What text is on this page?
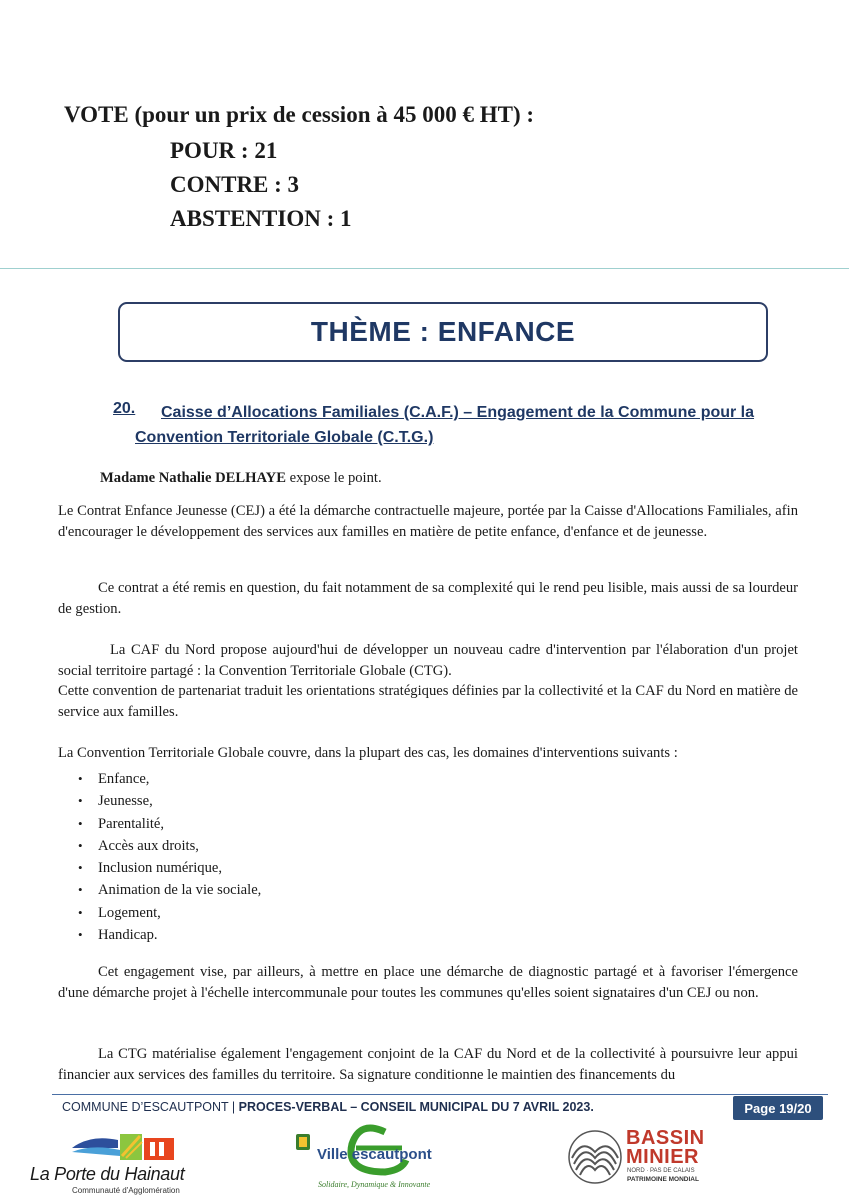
VOTE (pour un prix de cession à 45 000 € HT) :
POUR : 21
CONTRE : 3
ABSTENTION : 1
THÈME : ENFANCE
20.	Caisse d’Allocations Familiales (C.A.F.) – Engagement de la Commune pour la Convention Territoriale Globale (C.T.G.)
Madame Nathalie DELHAYE expose le point.
Le Contrat Enfance Jeunesse (CEJ) a été la démarche contractuelle majeure, portée par la Caisse d'Allocations Familiales, afin d'encourager le développement des services aux familles en matière de petite enfance, d'enfance et de jeunesse.
Ce contrat a été remis en question, du fait notamment de sa complexité qui le rend peu lisible, mais aussi de sa lourdeur de gestion.
La CAF du Nord propose aujourd'hui de développer un nouveau cadre d'intervention par l'élaboration d'un projet social territoire partagé : la Convention Territoriale Globale (CTG).
Cette convention de partenariat traduit les orientations stratégiques définies par la collectivité et la CAF du Nord en matière de service aux familles.
La Convention Territoriale Globale couvre, dans la plupart des cas, les domaines d'interventions suivants :
• Enfance,
• Jeunesse,
• Parentalité,
• Accès aux droits,
• Inclusion numérique,
• Animation de la vie sociale,
• Logement,
• Handicap.
Cet engagement vise, par ailleurs, à mettre en place une démarche de diagnostic partagé et à favoriser l'émergence d'une démarche projet à l'échelle intercommunale pour toutes les communes qu'elles soient signataires d'un CEJ ou non.
La CTG matérialise également l'engagement conjoint de la CAF du Nord et de la collectivité à poursuivre leur appui financier aux services des familles du territoire. Sa signature conditionne le maintien des financements du
COMMUNE D’ESCAUTPONT | PROCES-VERBAL – CONSEIL MUNICIPAL DU 7 AVRIL 2023.	Page 19/20
La Porte du Hainaut
Communauté d'Agglomération
Ville escautpont
Solidaire, Dynamique & Innovante
BASSIN
MINIER
NORD · PAS DE CALAIS
PATRIMOINE MONDIAL
